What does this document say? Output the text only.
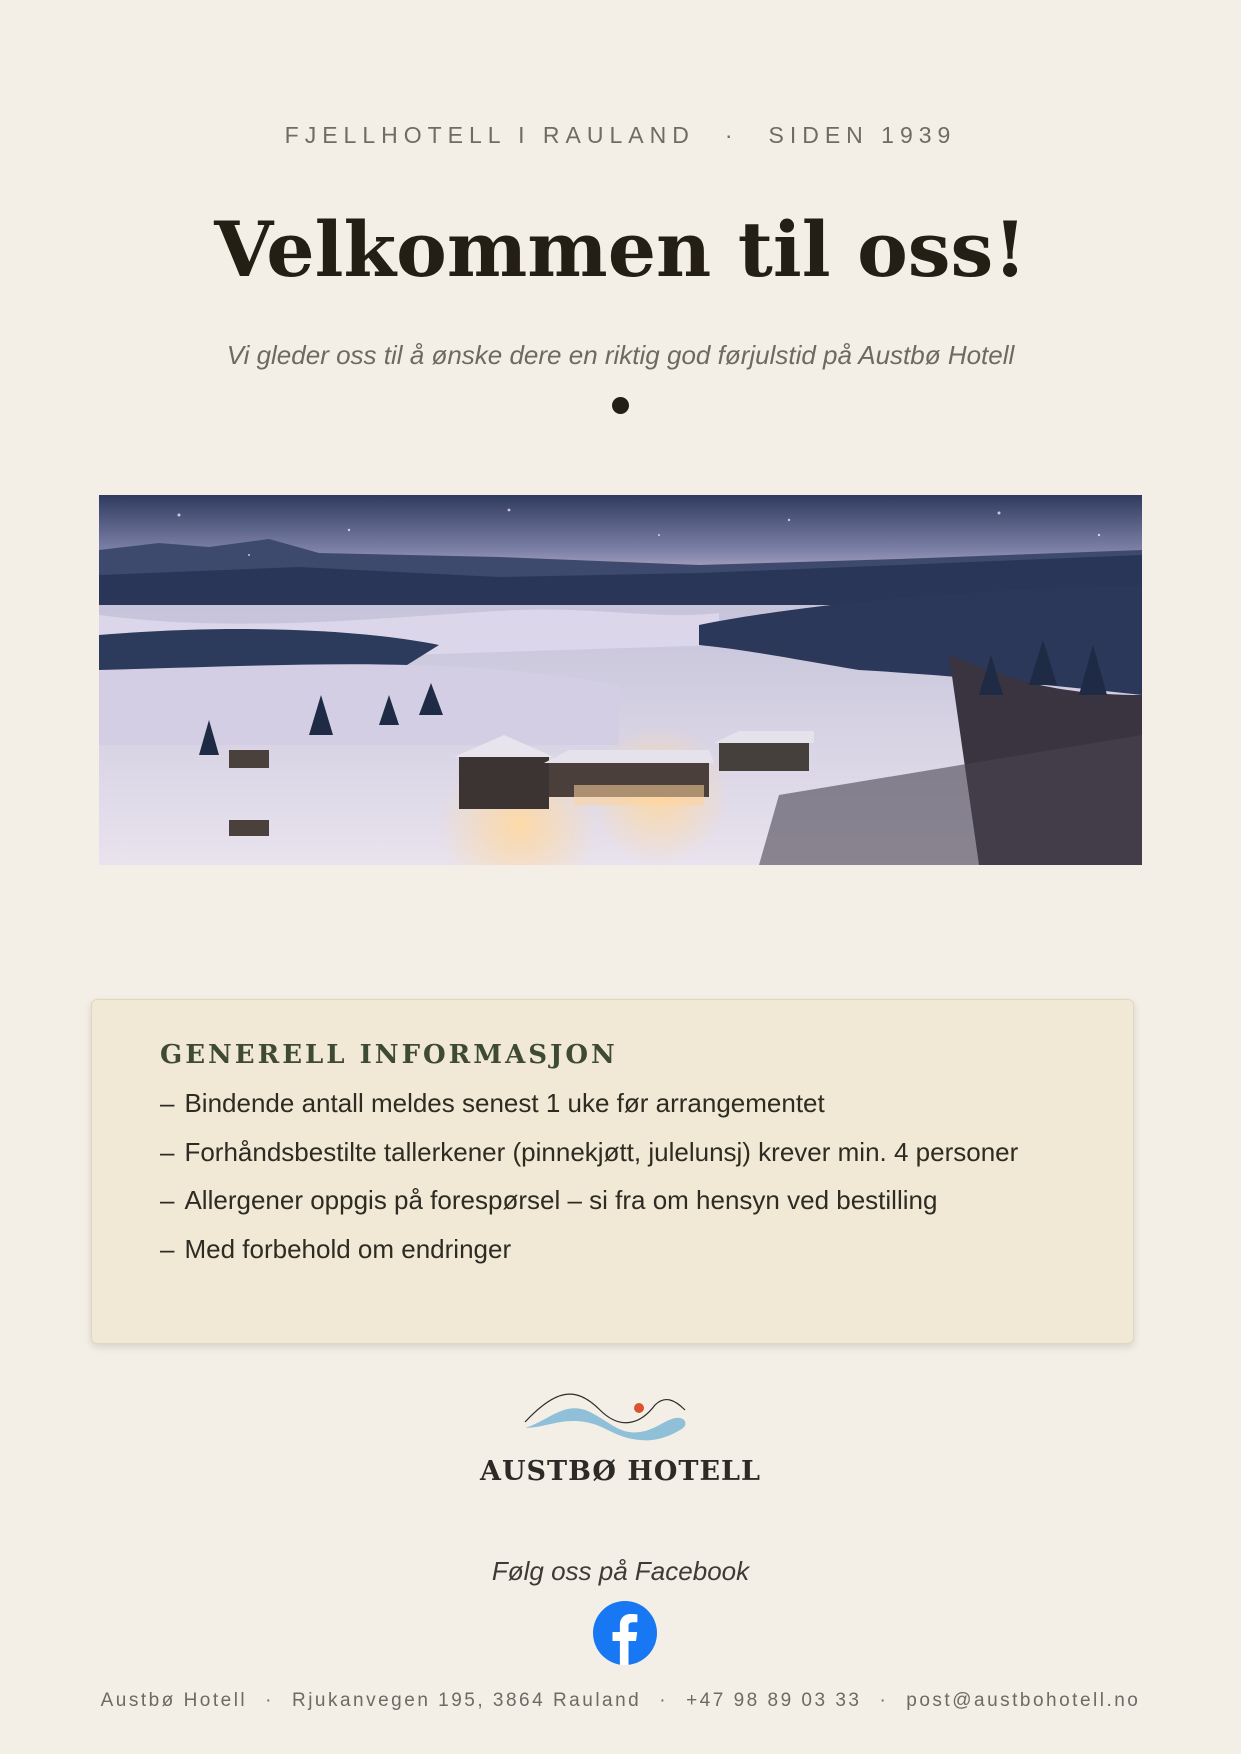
FJELLHOTELL I RAULAND · SIDEN 1939
Velkommen til oss!
Vi gleder oss til å ønske dere en riktig god førjulstid på Austbø Hotell
GENERELL INFORMASJON
– Bindende antall meldes senest 1 uke før arrangementet
– Forhåndsbestilte tallerkener (pinnekjøtt, julelunsj) krever min. 4 personer
– Allergener oppgis på forespørsel – si fra om hensyn ved bestilling
– Med forbehold om endringer
AUSTBØ HOTELL
Følg oss på Facebook
Austbø Hotell · Rjukanvegen 195, 3864 Rauland · +47 98 89 03 33 · post@austbohotell.no
